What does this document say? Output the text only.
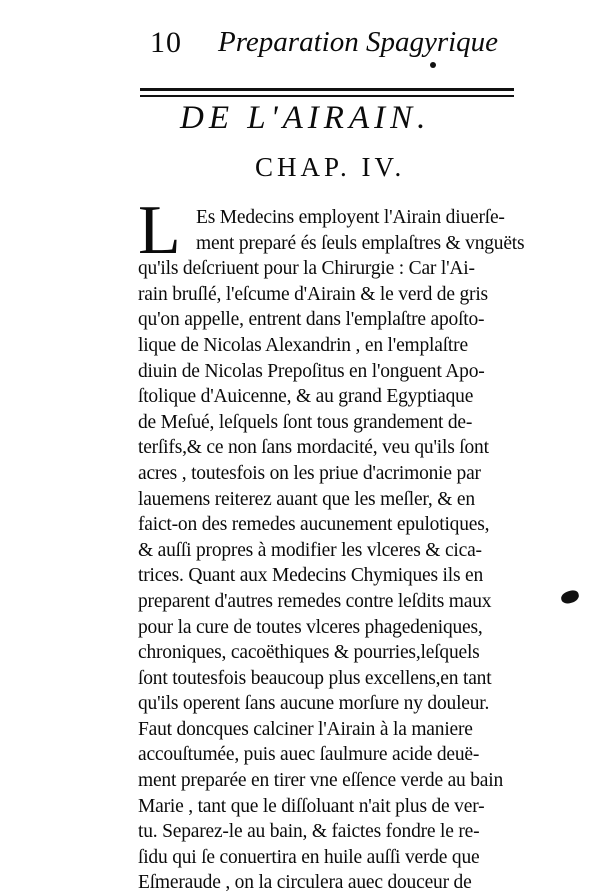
10 Preparation Spagyrique
DE L'AIRAIN.
CHAP. IV.
L Es Medecins employent l'Airain diuerſe-
ment preparé és ſeuls emplaſtres & vnguëts
qu'ils deſcriuent pour la Chirurgie : Car l'Ai-
rain bruſlé, l'eſcume d'Airain & le verd de gris
qu'on appelle, entrent dans l'emplaſtre apoſto-
lique de Nicolas Alexandrin , en l'emplaſtre
diuin de Nicolas Prepoſitus en l'onguent Apo-
ſtolique d'Auicenne, & au grand Egyptiaque
de Meſué, leſquels ſont tous grandement de-
terſifs,& ce non ſans mordacité, veu qu'ils ſont
acres , toutesfois on les priue d'acrimonie par
lauemens reiterez auant que les meſler, & en
faict-on des remedes aucunement epulotiques,
& auſſi propres à modifier les vlceres & cica-
trices. Quant aux Medecins Chymiques ils en
preparent d'autres remedes contre leſdits maux
pour la cure de toutes vlceres phagedeniques,
chroniques, cacoëthiques & pourries,leſquels
ſont toutesfois beaucoup plus excellens,en tant
qu'ils operent ſans aucune morſure ny douleur.
Faut doncques calciner l'Airain à la maniere
accouſtumée, puis auec ſaulmure acide deuë-
ment preparée en tirer vne eſſence verde au bain
Marie , tant que le diſſoluant n'ait plus de ver-
tu. Separez-le au bain, & faictes fondre le re-
ſidu qui ſe conuertira en huile auſſi verde que
Eſmeraude , on la circulera auec douceur de
